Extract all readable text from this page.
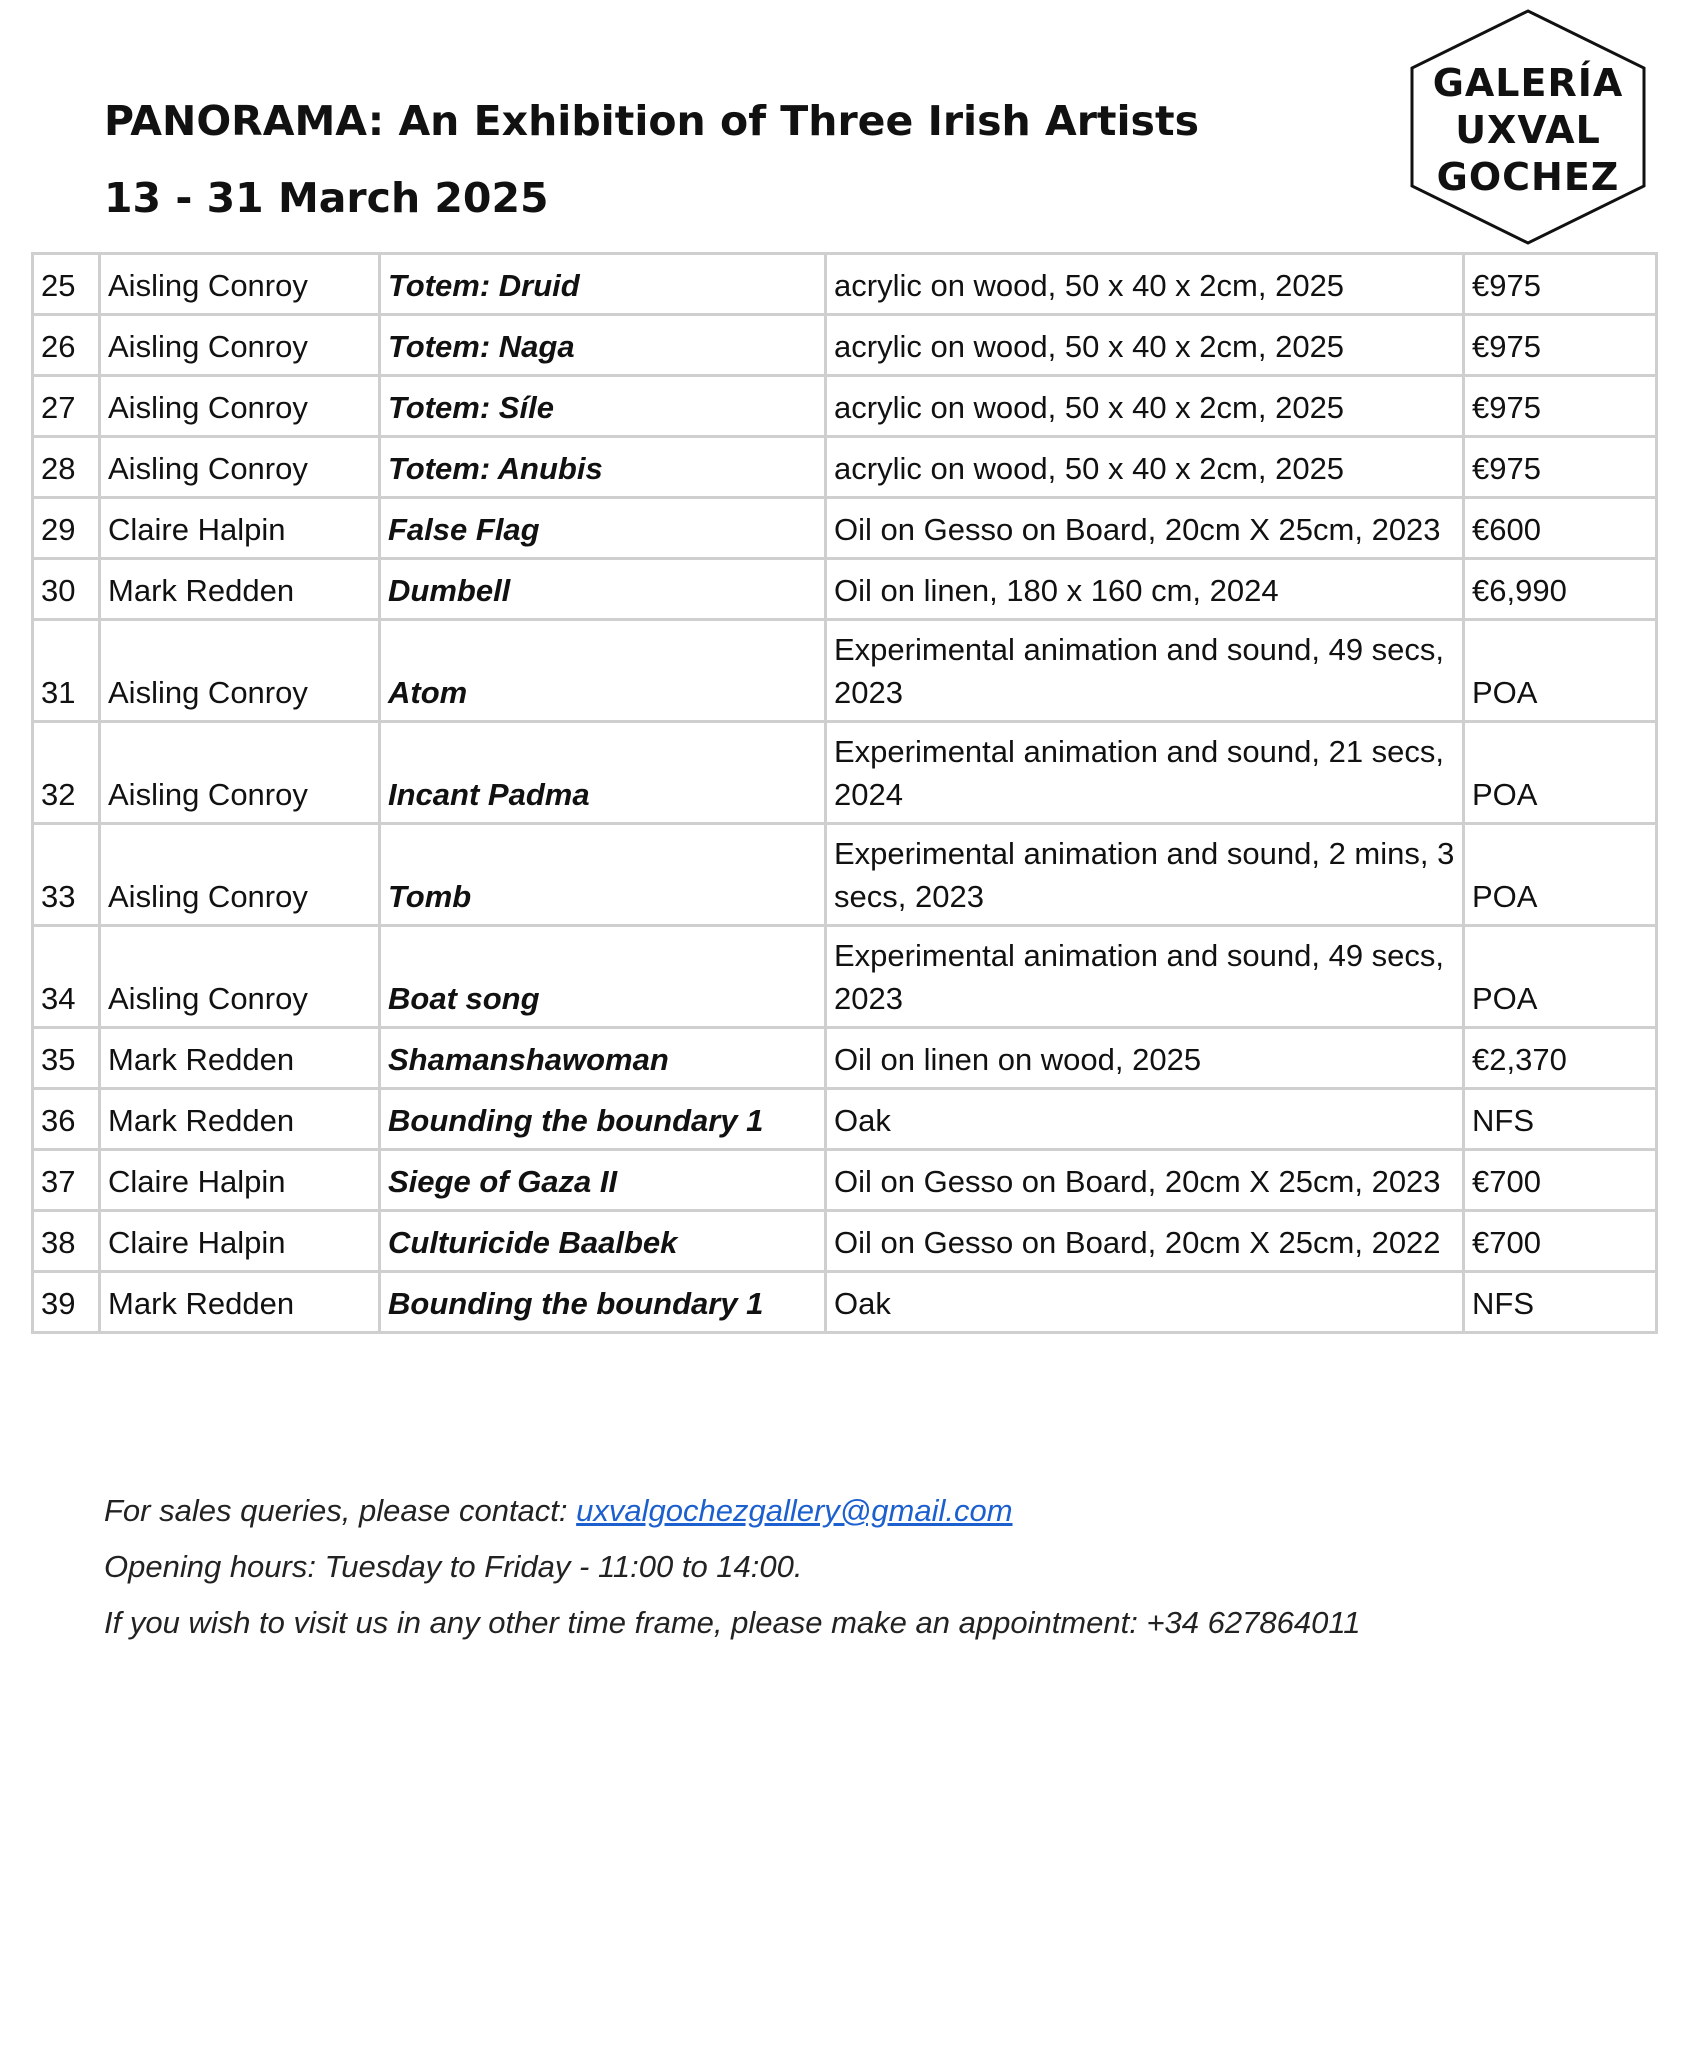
PANORAMA: An Exhibition of Three Irish Artists
13 - 31 March 2025
GALERÍA
UXVAL
GOCHEZ
25	Aisling Conroy	Totem: Druid	acrylic on wood, 50 x 40 x 2cm, 2025	€975
26	Aisling Conroy	Totem: Naga	acrylic on wood, 50 x 40 x 2cm, 2025	€975
27	Aisling Conroy	Totem: Síle	acrylic on wood, 50 x 40 x 2cm, 2025	€975
28	Aisling Conroy	Totem: Anubis	acrylic on wood, 50 x 40 x 2cm, 2025	€975
29	Claire Halpin	False Flag	Oil on Gesso on Board, 20cm X 25cm, 2023	€600
30	Mark Redden	Dumbell	Oil on linen, 180 x 160 cm, 2024	€6,990
31	Aisling Conroy	Atom	Experimental animation and sound, 49 secs, 2023	POA
32	Aisling Conroy	Incant Padma	Experimental animation and sound, 21 secs, 2024	POA
33	Aisling Conroy	Tomb	Experimental animation and sound, 2 mins, 3 secs, 2023	POA
34	Aisling Conroy	Boat song	Experimental animation and sound, 49 secs, 2023	POA
35	Mark Redden	Shamanshawoman	Oil on linen on wood, 2025	€2,370
36	Mark Redden	Bounding the boundary 1	Oak	NFS
37	Claire Halpin	Siege of Gaza II	Oil on Gesso on Board, 20cm X 25cm, 2023	€700
38	Claire Halpin	Culturicide Baalbek	Oil on Gesso on Board, 20cm X 25cm, 2022	€700
39	Mark Redden	Bounding the boundary 1	Oak	NFS

For sales queries, please contact: uxvalgochezgallery@gmail.com

Opening hours: Tuesday to Friday - 11:00 to 14:00.

If you wish to visit us in any other time frame, please make an appointment: +34 627864011
